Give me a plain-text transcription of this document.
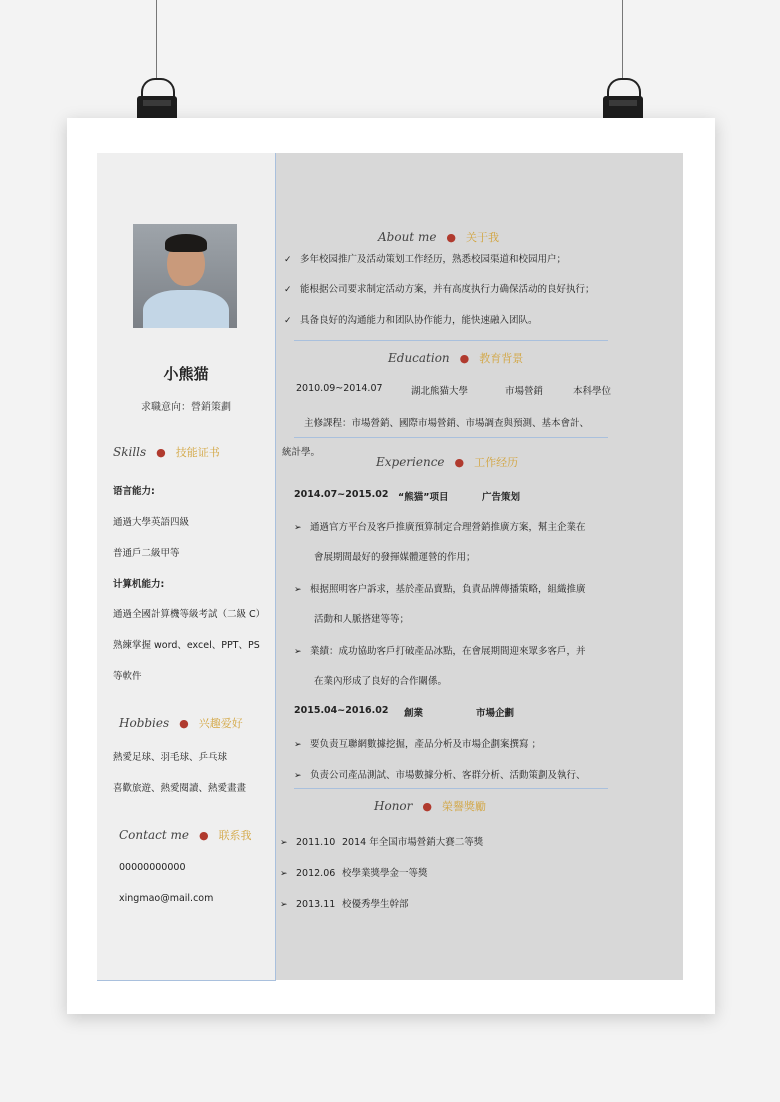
小熊猫
求職意向：營銷策劃
Skills ● 技能证书
语言能力:
通過大學英語四級
普通戶二級甲等
计算机能力:
通過全國計算機等級考試（二級 C）
熟練掌握 word、excel、PPT、PS
等軟件
Hobbies ● 兴趣爱好
熱愛足球、羽毛球、乒乓球
喜歡旅遊、熱愛閱讀、熱愛畫畫
Contact me ● 联系我
00000000000
xingmao@mail.com
About me ● 关于我
✓ 多年校园推广及活动策划工作经历，熟悉校园渠道和校园用户；
✓ 能根据公司要求制定活动方案，并有高度执行力确保活动的良好执行；
✓ 具备良好的沟通能力和团队协作能力，能快速融入团队。
Education ● 教育背景
2010.09~2014.07	湖北熊猫大學	市場營銷	本科學位
主修課程：市場營銷、國際市場營銷、市場調查與預測、基本會計、
統計學。
Experience ● 工作经历
2014.07~2015.02 “熊猫”项目	广告策划
➢ 通過官方平台及客戶推廣預算制定合理營銷推廣方案，幫主企業在
會展期間最好的發揮媒體運營的作用；
➢ 根据照明客户訴求，基於產品賣點，負責品牌傳播策略，組織推廣
活動和人脈搭建等等；
➢ 業績：成功協助客戶打破產品冰點，在會展期間迎來眾多客戶，并
在業內形成了良好的合作關係。
2015.04~2016.02 創業	市場企劃
➢ 要负责互聯網數據挖掘，產品分析及市場企劃案撰寫 ；
➢ 负责公司產品測試、市場數據分析、客群分析、活動策劃及執行、
Honor ● 榮譽獎勵
➢ 2011.10 2014 年全国市場營銷大賽二等獎
➢ 2012.06 校學業獎學金一等獎
➢ 2013.11 校優秀學生幹部
